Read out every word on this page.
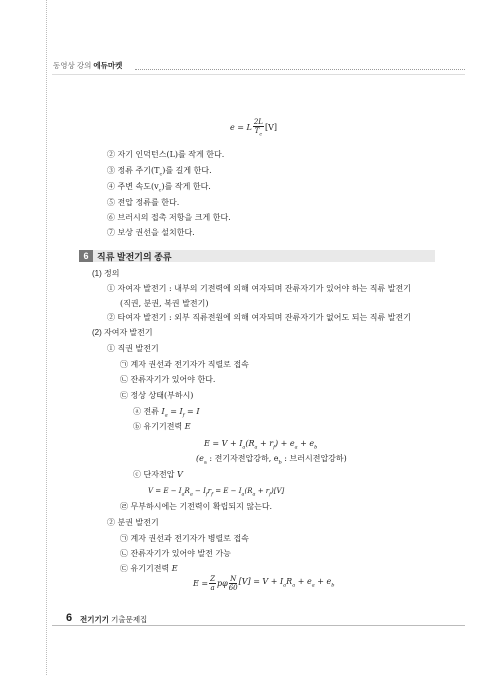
동영상 강의 에듀마켓
e = L $\frac{2L}{T_c} [V]$
② 자기 인덕턴스(L)를 작게 한다.
③ 정류 주기$(T_c)$를 길게 한다.
④ 주변 속도$(v_c)$를 작게 한다.
⑤ 전압 정류를 한다.
⑥ 브러시의 접촉 저항을 크게 한다.
⑦ 보상 권선을 설치한다.
6 직류 발전기의 종류
(1) 정의
① 자여자 발전기 : 내부의 기전력에 의해 여자되며 잔류자기가 있어야 하는 직류 발전기
(직권, 분권, 복권 발전기)
② 타여자 발전기 : 외부 직류전원에 의해 여자되며 잔류자기가 없어도 되는 직류 발전기
(2) 자여자 발전기
① 직권 발전기
㉠ 계자 권선과 전기자가 직렬로 접속
㉡ 잔류자기가 있어야 한다.
㉢ 정상 상태(부하시)
ⓐ 전류 $I_a = I_f = I$
ⓑ 유기기전력 E
$E = V + I_a(R_a + r_f) + e_a + e_b$
($e_a$ : 전기자전압강하, $e_b$ : 브러시전압강하)
ⓒ 단자전압 V
$V = E - I_aR_a - I_fr_f = E - I_a(R_a + r_f)[V]$
㉣ 무부하시에는 기전력이 확립되지 않는다.
② 분권 발전기
㉠ 계자 권선과 전기자가 병렬로 접속
㉡ 잔류자기가 있어야 발전 가능
㉢ 유기기전력 E
$E = \frac{Z}{a}$ pφ $\frac{N}{60} [V] = V + I_aR_a + e_a + e_b$
6 전기기기 기출문제집
